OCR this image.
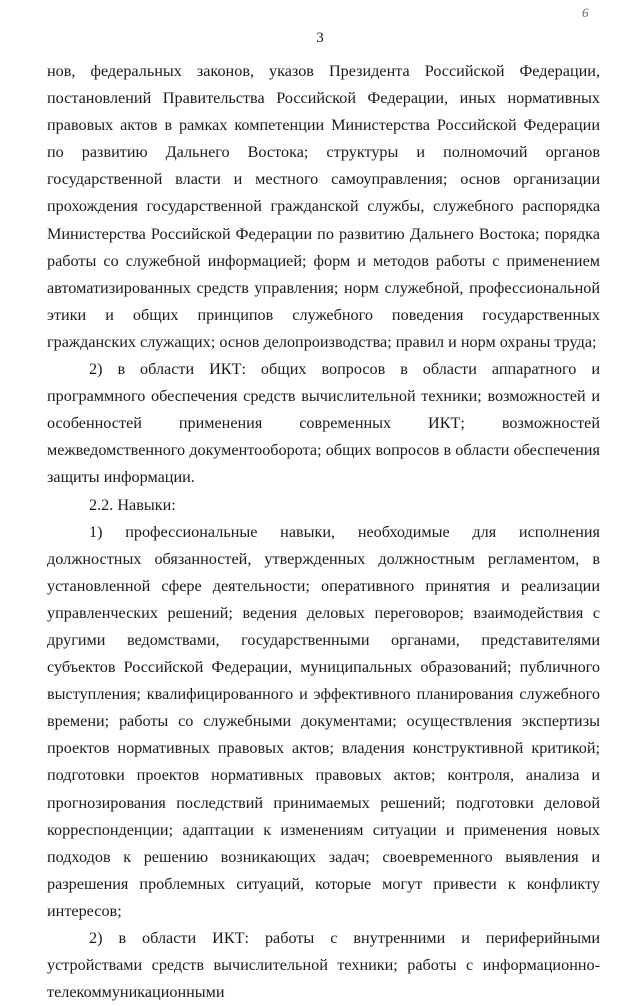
6
3

нов, федеральных законов, указов Президента Российской Федерации, постановлений Правительства Российской Федерации, иных нормативных правовых актов в рамках компетенции Министерства Российской Федерации по развитию Дальнего Востока; структуры и полномочий органов государственной власти и местного самоуправления; основ организации прохождения государственной гражданской службы, служебного распорядка Министерства Российской Федерации по развитию Дальнего Востока; порядка работы со служебной информацией; форм и методов работы с применением автоматизированных средств управления; норм служебной, профессиональной этики и общих принципов служебного поведения государственных гражданских служащих; основ делопроизводства; правил и норм охраны труда;

2) в области ИКТ: общих вопросов в области аппаратного и программного обеспечения средств вычислительной техники; возможностей и особенностей применения современных ИКТ; возможностей межведомственного документооборота; общих вопросов в области обеспечения защиты информации.

2.2. Навыки:

1) профессиональные навыки, необходимые для исполнения должностных обязанностей, утвержденных должностным регламентом, в установленной сфере деятельности; оперативного принятия и реализации управленческих решений; ведения деловых переговоров; взаимодействия с другими ведомствами, государственными органами, представителями субъектов Российской Федерации, муниципальных образований; публичного выступления; квалифицированного и эффективного планирования служебного времени; работы со служебными документами; осуществления экспертизы проектов нормативных правовых актов; владения конструктивной критикой; подготовки проектов нормативных правовых актов; контроля, анализа и прогнозирования последствий принимаемых решений; подготовки деловой корреспонденции; адаптации к изменениям ситуации и применения новых подходов к решению возникающих задач; своевременного выявления и разрешения проблемных ситуаций, которые могут привести к конфликту интересов;

2) в области ИКТ: работы с внутренними и периферийными устройствами средств вычислительной техники; работы с информационно-телекоммуникационными
